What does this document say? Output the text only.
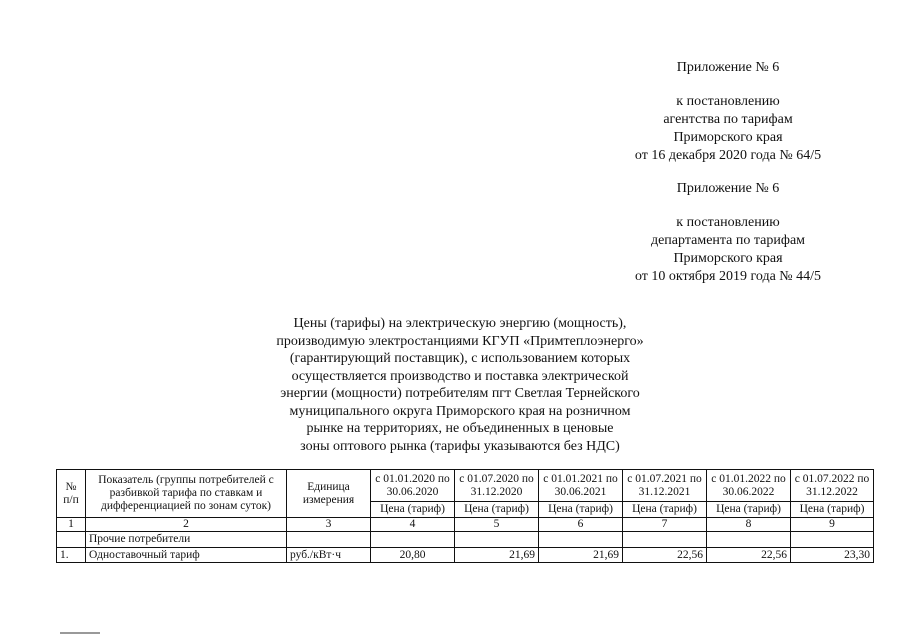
Приложение № 6
к постановлению
агентства по тарифам
Приморского края
от 16 декабря 2020 года № 64/5
Приложение № 6
к постановлению
департамента по тарифам
Приморского края
от 10 октября 2019 года № 44/5
Цены (тарифы) на электрическую энергию (мощность),
производимую электростанциями КГУП «Примтеплоэнерго»
(гарантирующий поставщик), с использованием которых
осуществляется производство и поставка электрической
энергии (мощности) потребителям пгт Светлая Тернейского
муниципального округа Приморского края на розничном
рынке на территориях, не объединенных в ценовые
зоны оптового рынка (тарифы указываются без НДС)
№ п/п	Показатель (группы потребителей с разбивкой тарифа по ставкам и дифференциацией по зонам суток)	Единица измерения	с 01.01.2020 по 30.06.2020	с 01.07.2020 по 31.12.2020	с 01.01.2021 по 30.06.2021	с 01.07.2021 по 31.12.2021	с 01.01.2022 по 30.06.2022	с 01.07.2022 по 31.12.2022
			Цена (тариф)	Цена (тариф)	Цена (тариф)	Цена (тариф)	Цена (тариф)	Цена (тариф)
1	2	3	4	5	6	7	8	9
	Прочие потребители							
1.	Одноставочный тариф	руб./кВт·ч	20,80	21,69	21,69	22,56	22,56	23,30
